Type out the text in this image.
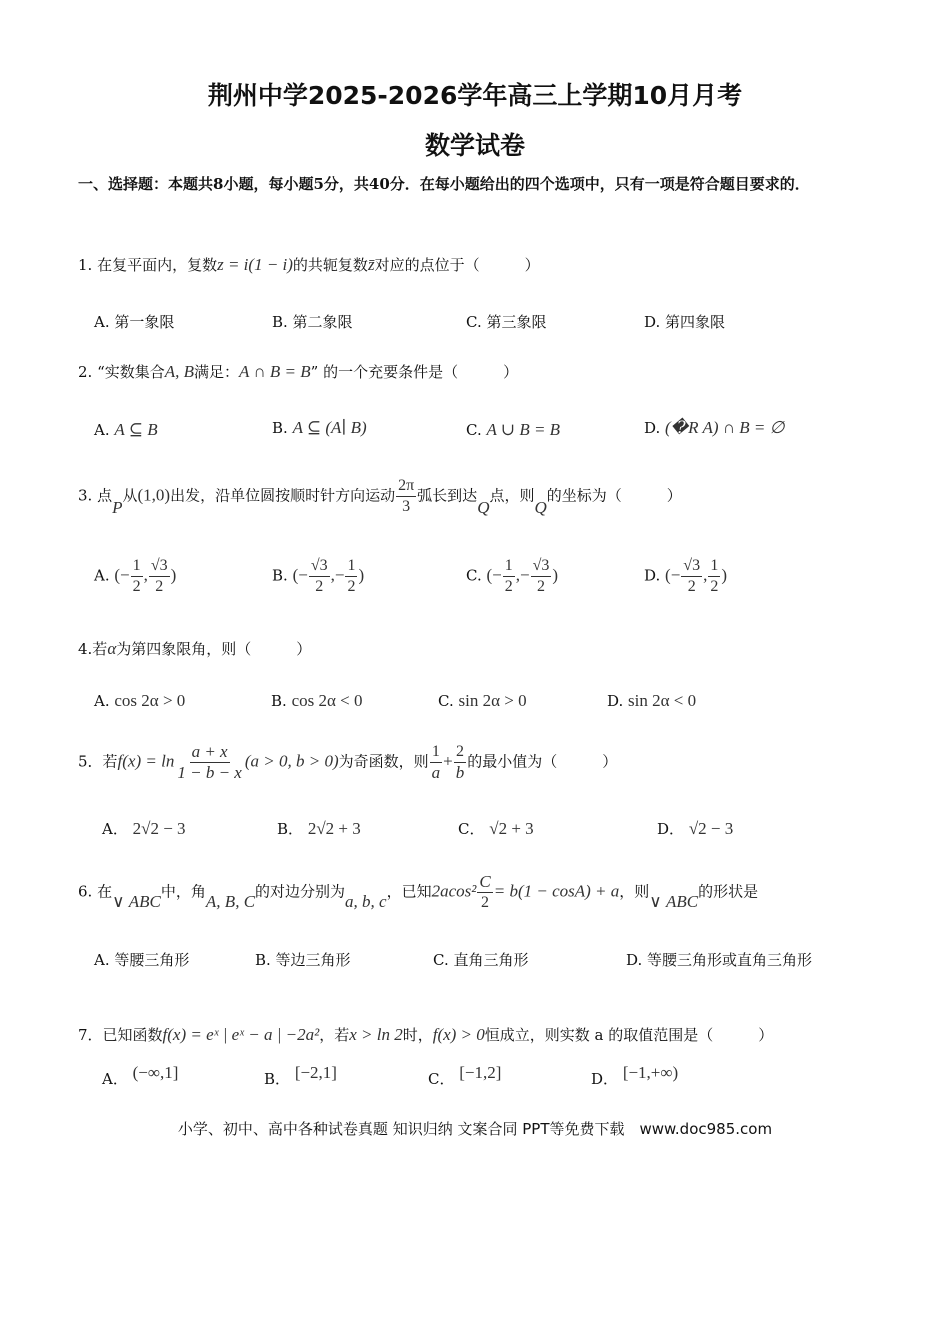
荆州中学2025-2026学年高三上学期10月月考
数学试卷
一、选择题：本题共8小题，每小题5分，共40分．在每小题给出的四个选项中，只有一项是符合题目要求的．
1. 在复平面内，复数z = i(1 − i)的共轭复数z̄对应的点位于（　　　）
A. 第一象限	B. 第二象限	C. 第三象限	D. 第四象限
2. “实数集合A, B满足：A ∩ B = B” 的一个充要条件是（　　　）
A. A ⊆ B	B. A ⊆ (A∣ B)	C. A ∪ B = B	D. (�R A) ∩ B = ∅
3. 点P从(1,0)出发，沿单位圆按顺时针方向运动 $\frac{2\pi}{3}$ 弧长到达Q点，则Q的坐标为（　　　）
A. (− $\frac{1}{2}$ , $\frac{√3}{2}$ )	B. (− $\frac{√3}{2}$ ,− $\frac{1}{2}$ )	C. (− $\frac{1}{2}$ ,− $\frac{√3}{2}$ )	D. (− $\frac{√3}{2}$ , $\frac{1}{2}$ )
4.若α为第四象限角，则（　　　）
A. cos 2α > 0	B. cos 2α < 0	C. sin 2α > 0	D. sin 2α < 0
5．若$f(x) = \ln \frac{a + x}{1 - b - x} (a > 0$, b > 0)为奇函数，则 $\frac{1}{a} + \frac{2}{b}$ 的最小值为（　　　）
A． 2√2 − 3	B． 2√2 + 3	C． √2 + 3	D． √2 − 3
6. 在∨ ABC中，角A, B, C的对边分别为a, b, c，已知$2acos^2 \frac{C}{2} = b(1 - \cos A) + a$，则∨ ABC的形状是
A. 等腰三角形	B. 等边三角形	C. 直角三角形	D. 等腰三角形或直角三角形
7．已知函数f(x) = eˣ | eˣ − a | −2a²，若x > ln 2时，f(x) > 0恒成立，则实数 a 的取值范围是（　　　）
A． (−∞,1]	B． [−2,1]	C． [−1,2]	D． [−1,+∞)
小学、初中、高中各种试卷真题 知识归纳 文案合同 PPT等免费下载　www.doc985.com
